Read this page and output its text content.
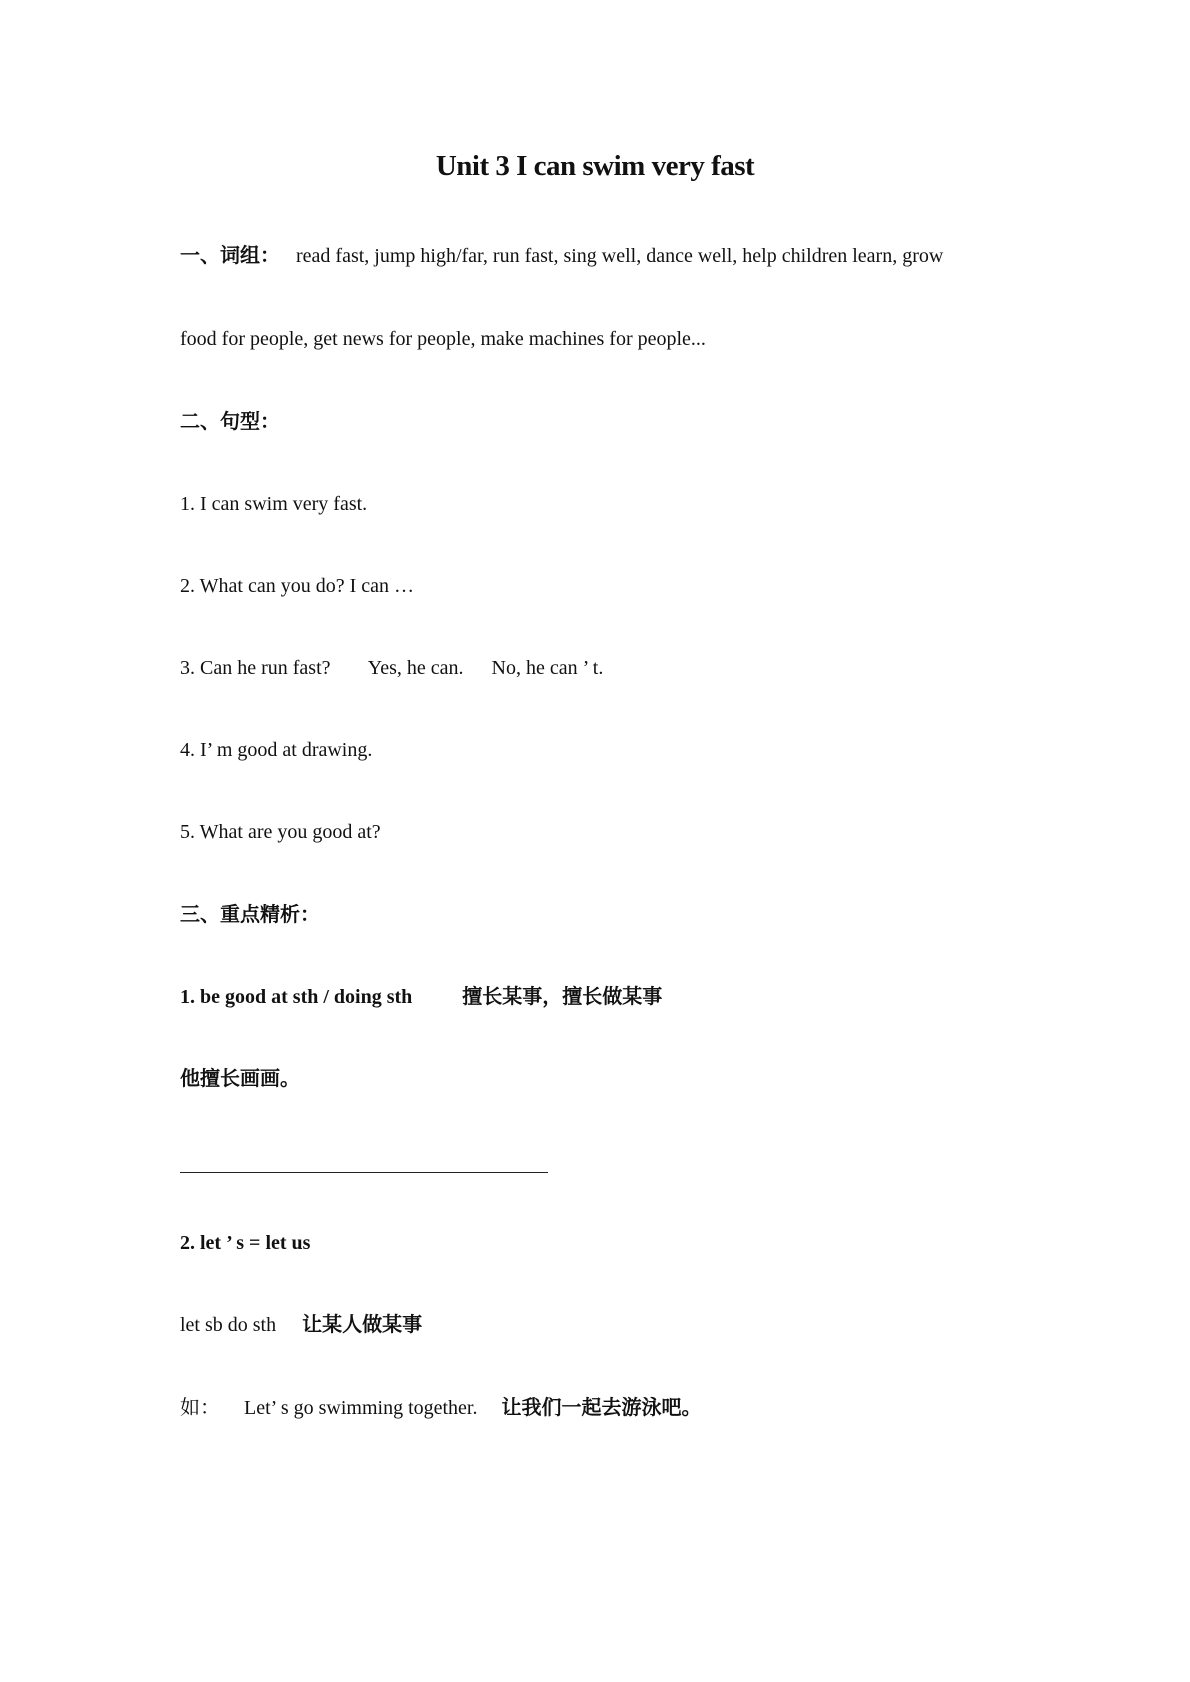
Unit 3 I can swim very fast

一、词组： read fast, jump high/far, run fast, sing well, dance well, help children learn, grow

food for people, get news for people, make machines for people...

二、句型：

1. I can swim very fast.

2. What can you do? I can …

3. Can he run fast? Yes, he can. No, he can ’ t.

4. I’ m good at drawing.

5. What are you good at?

三、重点精析：

1. be good at sth / doing sth	擅长某事，擅长做某事

他擅长画画。

2. let ’ s = let us

let sb do sth 让某人做某事

如： Let’ s go swimming together. 让我们一起去游泳吧。
